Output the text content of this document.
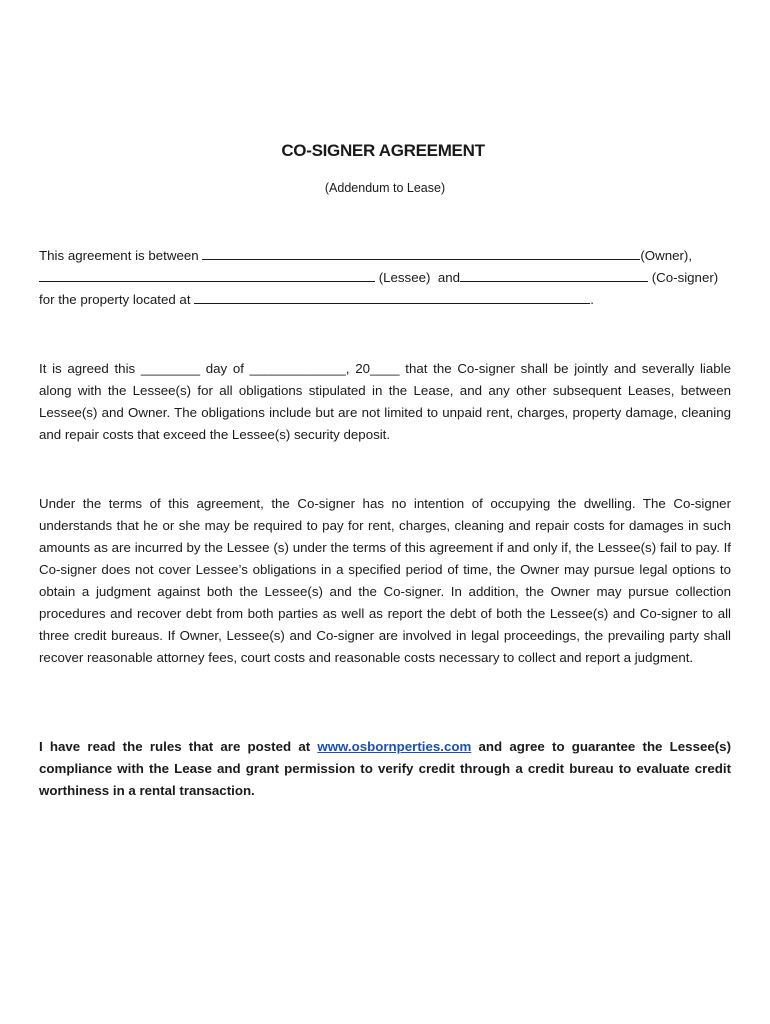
CO-SIGNER AGREEMENT
(Addendum to Lease)
This agreement is between	(Owner),
(Lessee)  and	(Co-signer)
for the property located at	.
It is agreed this ________ day of _____________, 20____ that the Co-signer shall be jointly and severally liable along with the Lessee(s) for all obligations stipulated in the Lease, and any other subsequent Leases, between Lessee(s) and Owner. The obligations include but are not limited to unpaid rent, charges, property damage, cleaning and repair costs that exceed the Lessee(s) security deposit.
Under the terms of this agreement, the Co-signer has no intention of occupying the dwelling. The Co-signer understands that he or she may be required to pay for rent, charges, cleaning and repair costs for damages in such amounts as are incurred by the Lessee (s) under the terms of this agreement if and only if, the Lessee(s) fail to pay. If Co-signer does not cover Lessee’s obligations in a specified period of time, the Owner may pursue legal options to obtain a judgment against both the Lessee(s) and the Co-signer. In addition, the Owner may pursue collection procedures and recover debt from both parties as well as report the debt of both the Lessee(s) and Co-signer to all three credit bureaus. If Owner, Lessee(s) and Co-signer are involved in legal proceedings, the prevailing party shall recover reasonable attorney fees, court costs and reasonable costs necessary to collect and report a judgment.
I have read the rules that are posted at www.osbornperties.com and agree to guarantee the Lessee(s) compliance with the Lease and grant permission to verify credit through a credit bureau to evaluate credit worthiness in a rental transaction.
